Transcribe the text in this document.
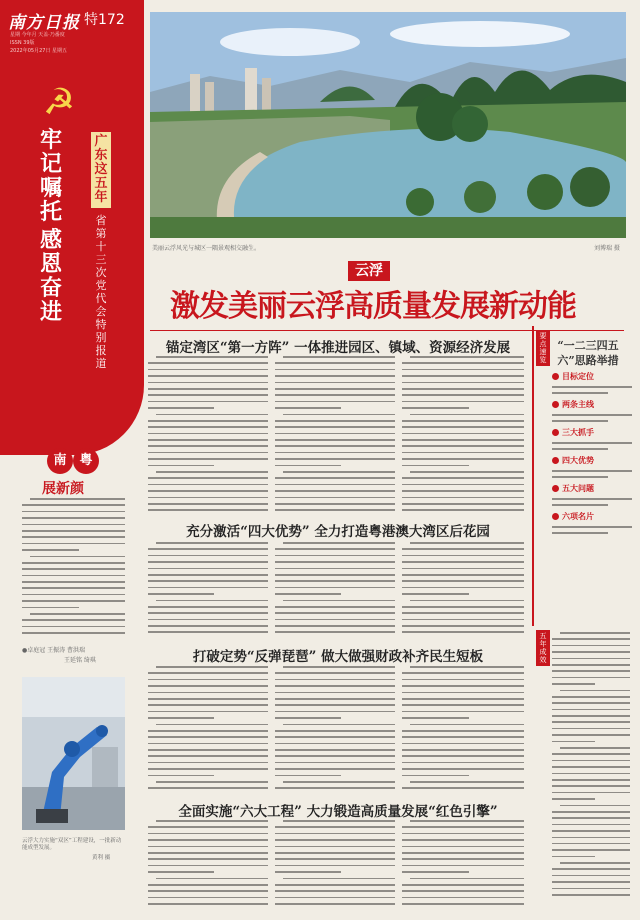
南方日报 特172
星期 今年月 天盖·乃番度
ISSN 39版
2022年05月27日 星期五
☭
牢
记
嘱
托
感
恩
奋
进
广
东
这
五
年
省
第
十
三
次
党
代
会
特
别
报
道
南 粤
展新颜
美丽云浮风光与城区一隅景观相交融生。	刘博瑞 摄
云浮
激发美丽云浮高质量发展新动能
锚定湾区“第一方阵” 一体推进园区、镇域、资源经济发展
充分激活“四大优势” 全力打造粤港澳大湾区后花园
打破定势“反弹琵琶” 做大做强财政补齐民生短板
全面实施“六大工程” 大力锻造高质量发展“红色引擎”
●卓庭冠 王振涛 曹洪瑞
王延铭 绮琪
云浮大力实施“双区”工程建设，一批新动能成型发展。
黄利 摄
要
点
速
览
“一二三四五六”思路举措
目标定位
两条主线
三大抓手
四大优势
五大问题
六项名片
五
年
成
效
